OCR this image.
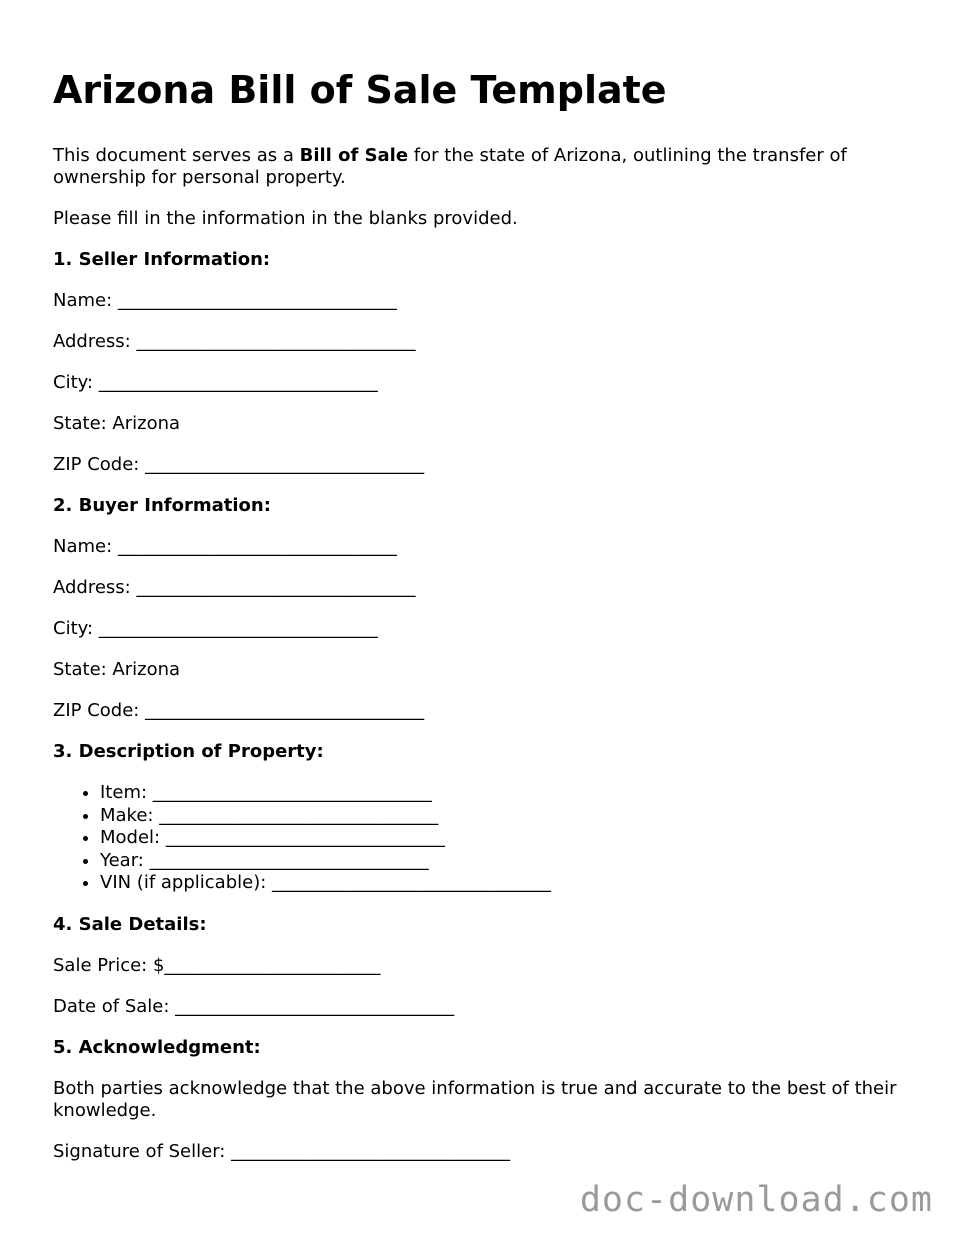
Arizona Bill of Sale Template

This document serves as a Bill of Sale for the state of Arizona, outlining the transfer of ownership for personal property.

Please fill in the information in the blanks provided.

1. Seller Information:

Name: _______________________________

Address: _______________________________

City: _______________________________

State: Arizona

ZIP Code: _______________________________

2. Buyer Information:

Name: _______________________________

Address: _______________________________

City: _______________________________

State: Arizona

ZIP Code: _______________________________

3. Description of Property:

• Item: _______________________________
• Make: _______________________________
• Model: _______________________________
• Year: _______________________________
• VIN (if applicable): _______________________________

4. Sale Details:

Sale Price: $________________________

Date of Sale: _______________________________

5. Acknowledgment:

Both parties acknowledge that the above information is true and accurate to the best of their knowledge.

Signature of Seller: _______________________________

doc-download.com
